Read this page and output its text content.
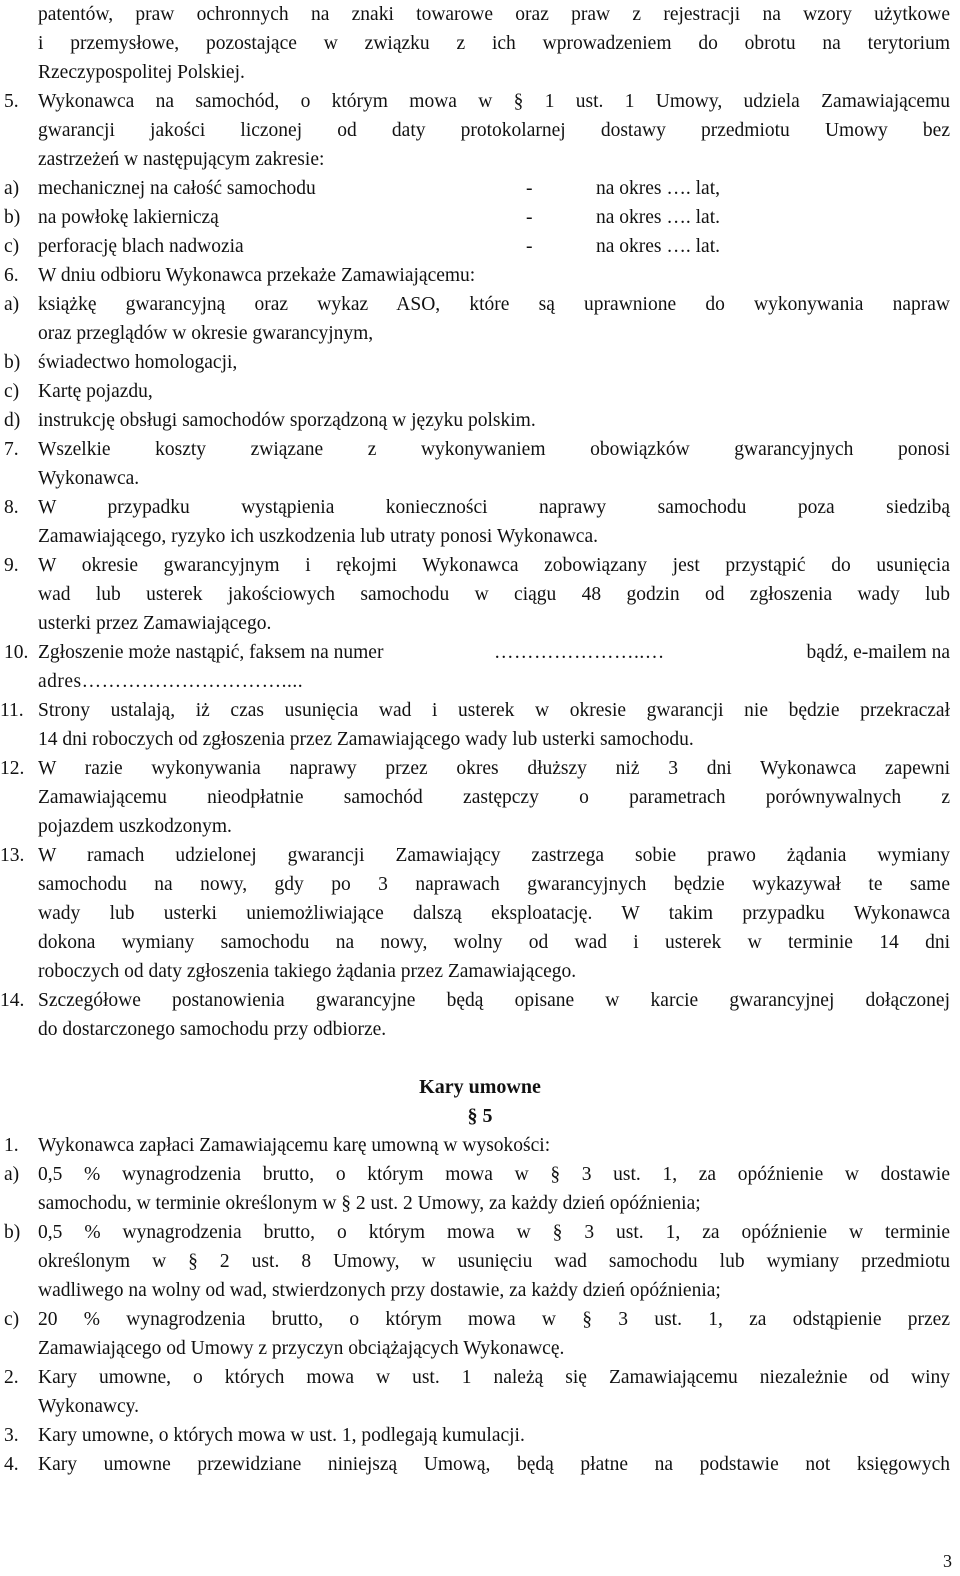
patentów, praw ochronnych na znaki towarowe oraz praw z rejestracji na wzory użytkowe
i przemysłowe, pozostające w związku z ich wprowadzeniem do obrotu na terytorium
Rzeczypospolitej Polskiej.
5. Wykonawca na samochód, o którym mowa w § 1 ust. 1 Umowy, udziela Zamawiającemu
gwarancji jakości liczonej od daty protokolarnej dostawy przedmiotu Umowy bez
zastrzeżeń w następującym zakresie:
a) mechanicznej na całość samochodu	-	na okres …. lat,
b) na powłokę lakierniczą	-	na okres …. lat.
c) perforację blach nadwozia	-	na okres …. lat.
6. W dniu odbioru Wykonawca przekaże Zamawiającemu:
a) książkę gwarancyjną oraz wykaz ASO, które są uprawnione do wykonywania napraw
oraz przeglądów w okresie gwarancyjnym,
b) świadectwo homologacji,
c) Kartę pojazdu,
d) instrukcję obsługi samochodów sporządzoną w języku polskim.
7. Wszelkie koszty związane z wykonywaniem obowiązków gwarancyjnych ponosi
Wykonawca.
8. W przypadku wystąpienia konieczności naprawy samochodu poza siedzibą
Zamawiającego, ryzyko ich uszkodzenia lub utraty ponosi Wykonawca.
9. W okresie gwarancyjnym i rękojmi Wykonawca zobowiązany jest przystąpić do usunięcia
wad lub usterek jakościowych samochodu w ciągu 48 godzin od zgłoszenia wady lub
usterki przez Zamawiającego.
10. Zgłoszenie może nastąpić, faksem na numer	…………………..…	bądź, e-mailem na
adres…………………………....
11. Strony ustalają, iż czas usunięcia wad i usterek w okresie gwarancji nie będzie przekraczał
14 dni roboczych od zgłoszenia przez Zamawiającego wady lub usterki samochodu.
12. W razie wykonywania naprawy przez okres dłuższy niż 3 dni Wykonawca zapewni
Zamawiającemu nieodpłatnie samochód zastępczy o parametrach porównywalnych z
pojazdem uszkodzonym.
13. W ramach udzielonej gwarancji Zamawiający zastrzega sobie prawo żądania wymiany
samochodu na nowy, gdy po 3 naprawach gwarancyjnych będzie wykazywał te same
wady lub usterki uniemożliwiające dalszą eksploatację. W takim przypadku Wykonawca
dokona wymiany samochodu na nowy, wolny od wad i usterek w terminie 14 dni
roboczych od daty zgłoszenia takiego żądania przez Zamawiającego.
14. Szczegółowe postanowienia gwarancyjne będą opisane w karcie gwarancyjnej dołączonej
do dostarczonego samochodu przy odbiorze.
Kary umowne
§ 5
1. Wykonawca zapłaci Zamawiającemu karę umowną w wysokości:
a) 0,5 % wynagrodzenia brutto, o którym mowa w § 3 ust. 1, za opóźnienie w dostawie
samochodu, w terminie określonym w § 2 ust. 2 Umowy, za każdy dzień opóźnienia;
b) 0,5 % wynagrodzenia brutto, o którym mowa w § 3 ust. 1, za opóźnienie w terminie
określonym w § 2 ust. 8 Umowy, w usunięciu wad samochodu lub wymiany przedmiotu
wadliwego na wolny od wad, stwierdzonych przy dostawie, za każdy dzień opóźnienia;
c) 20 % wynagrodzenia brutto, o którym mowa w § 3 ust. 1, za odstąpienie przez
Zamawiającego od Umowy z przyczyn obciążających Wykonawcę.
2. Kary umowne, o których mowa w ust. 1 należą się Zamawiającemu niezależnie od winy
Wykonawcy.
3. Kary umowne, o których mowa w ust. 1, podlegają kumulacji.
4. Kary umowne przewidziane niniejszą Umową, będą płatne na podstawie not księgowych
3
